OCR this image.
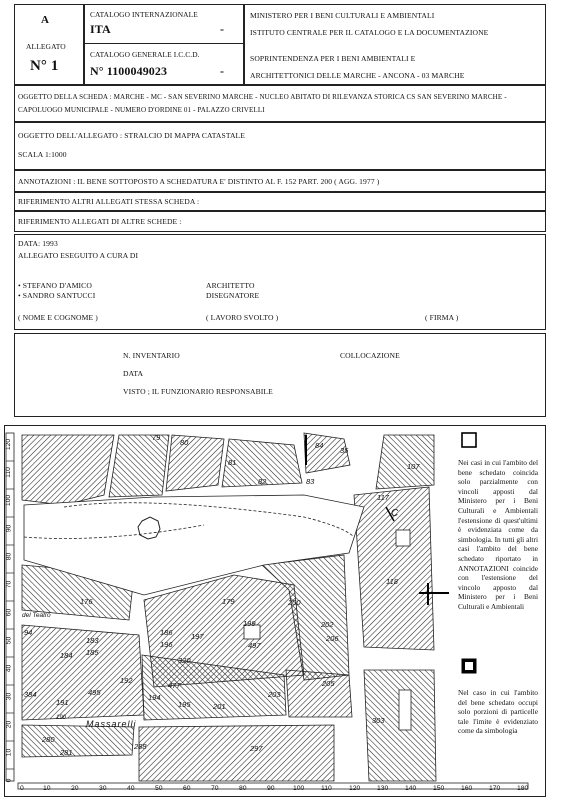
A
ALLEGATO
N° 1
CATALOGO INTERNAZIONALE
ITA	-
CATALOGO GENERALE I.C.C.D.
N° 1100049023	-
MINISTERO PER I BENI CULTURALI E AMBIENTALI
ISTITUTO CENTRALE PER IL CATALOGO E LA DOCUMENTAZIONE
SOPRINTENDENZA PER I BENI AMBIENTALI E
ARCHITETTONICI DELLE MARCHE - ANCONA - 03 MARCHE
OGGETTO DELLA SCHEDA : MARCHE - MC - SAN SEVERINO MARCHE - NUCLEO ABITATO DI RILEVANZA STORICA CS SAN SEVERINO MARCHE -
CAPOLUOGO MUNICIPALE - NUMERO D'ORDINE 01 - PALAZZO CRIVELLI
OGGETTO DELL'ALLEGATO : STRALCIO DI MAPPA CATASTALE
SCALA 1:1000
ANNOTAZIONI : IL BENE SOTTOPOSTO A SCHEDATURA E' DISTINTO AL F. 152 PART. 200 ( AGG. 1977 )
RIFERIMENTO ALTRI ALLEGATI STESSA SCHEDA :
RIFERIMENTO ALLEGATI DI ALTRE SCHEDE :
DATA: 1993
ALLEGATO ESEGUITO A CURA DI
• STEFANO D'AMICO
• SANDRO SANTUCCI
ARCHITETTO
DISEGNATORE
( NOME E COGNOME )	( LAVORO SVOLTO )	( FIRMA )
N. INVENTARIO	COLLOCAZIONE
DATA
VISTO ; IL FUNZIONARIO RESPONSABILE
79
80
81
82	83
84
35
107
C
117
118
176	179
197
199
200
202
206
186
320
185
184
192
195
477
201
205
203
495
191
194
190
280
281
288	297
303
384
94
497
196
183
Massarelli
del Teatro
0	10	20	30	40	50	60	70	80	90	100 110	120 130 140 150 160 170 180
120
110
100
90
80
70
60
50
40
30
20
10
0
Nei casi in cui l'ambito del bene schedato coincida solo parzialmente con vincoli apposti dal Ministero per i Beni Culturali e Ambientali l'estensione di quest'ultimi è evidenziata come da simbologia. In tutti gli altri casi l'ambito del bene schedato riportato in ANNOTAZIONI coincide con l'estensione del vincolo apposto dal Ministero per i Beni Culturali e Ambientali
Nel caso in cui l'ambito del bene schedato occupi solo porzioni di particelle tale l'imite è evidenziato come da simbologia
